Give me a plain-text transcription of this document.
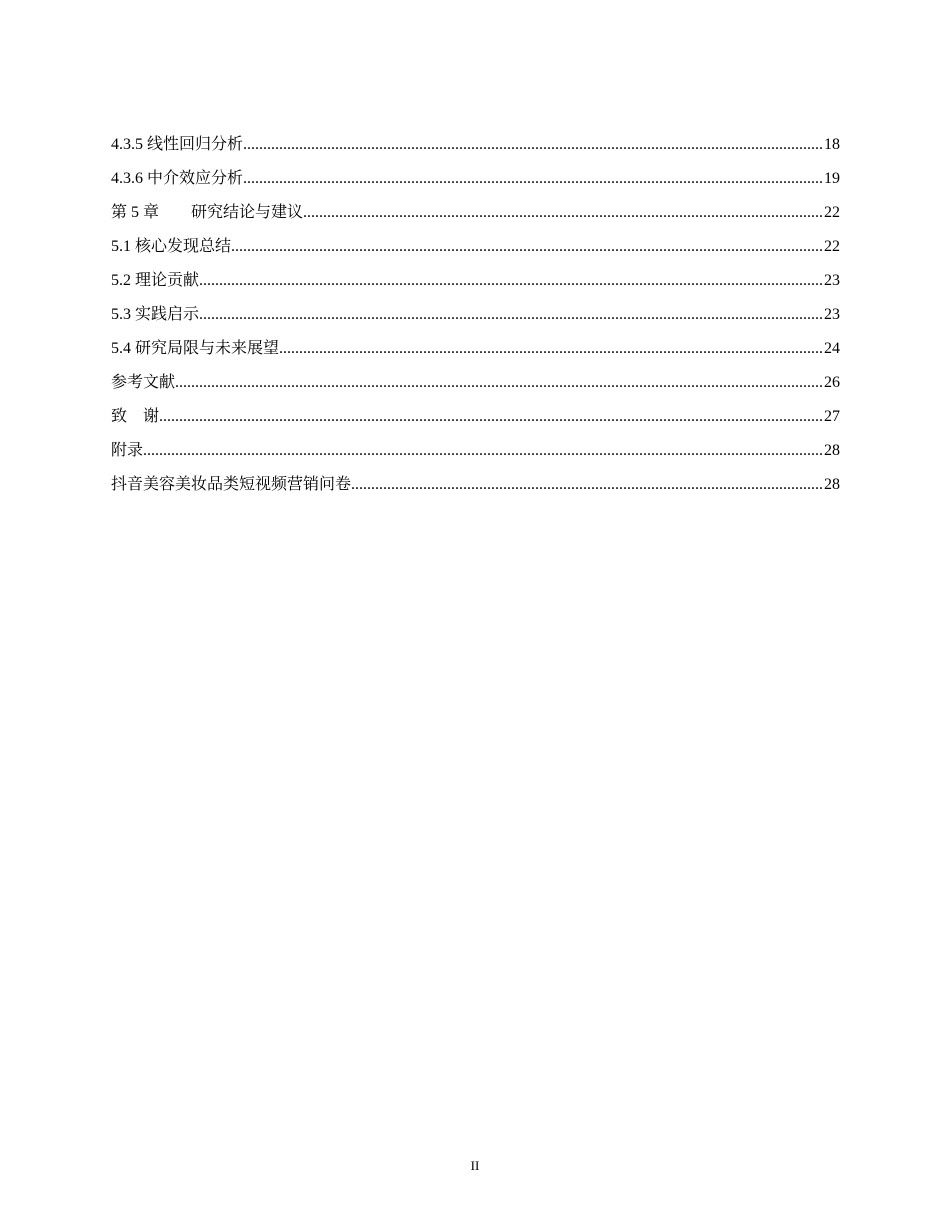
4.3.5 线性回归分析 .....	18
4.3.6 中介效应分析 .....	19
第 5 章　　研究结论与建议 .....	22
5.1 核心发现总结 .....	22
5.2 理论贡献 .....	23
5.3 实践启示 .....	23
5.4 研究局限与未来展望 .....	24
参考文献 .....	26
致　谢 .....	27
附录 .....	28
抖音美容美妆品类短视频营销问卷 .....	28
II
